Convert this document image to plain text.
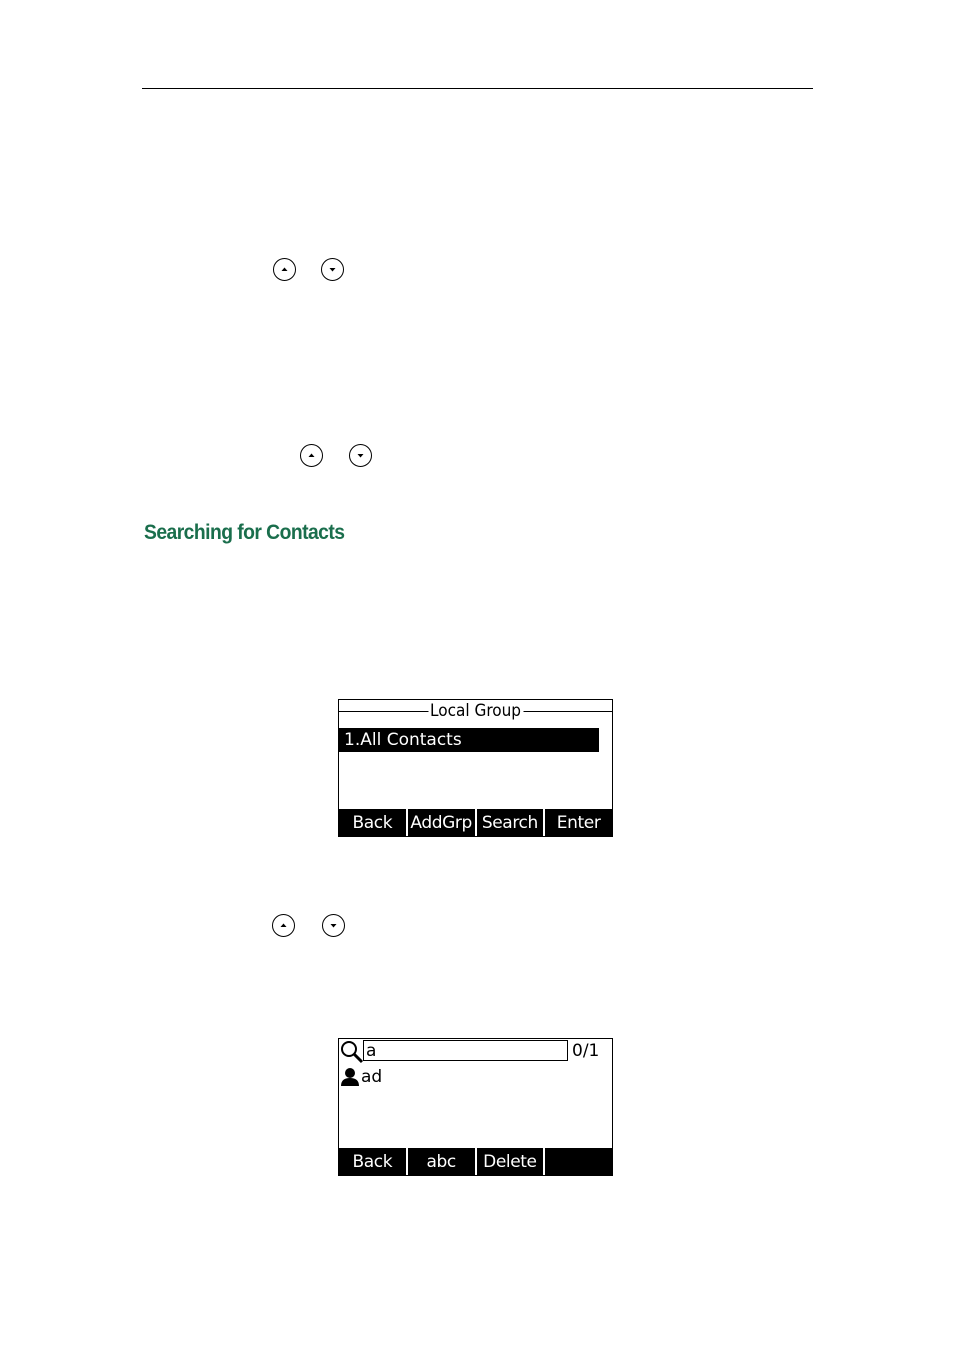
Searching for Contacts
Local Group
1.All Contacts
Back	AddGrp Search	Enter
a	0/1
ad
Back	abc	Delete
